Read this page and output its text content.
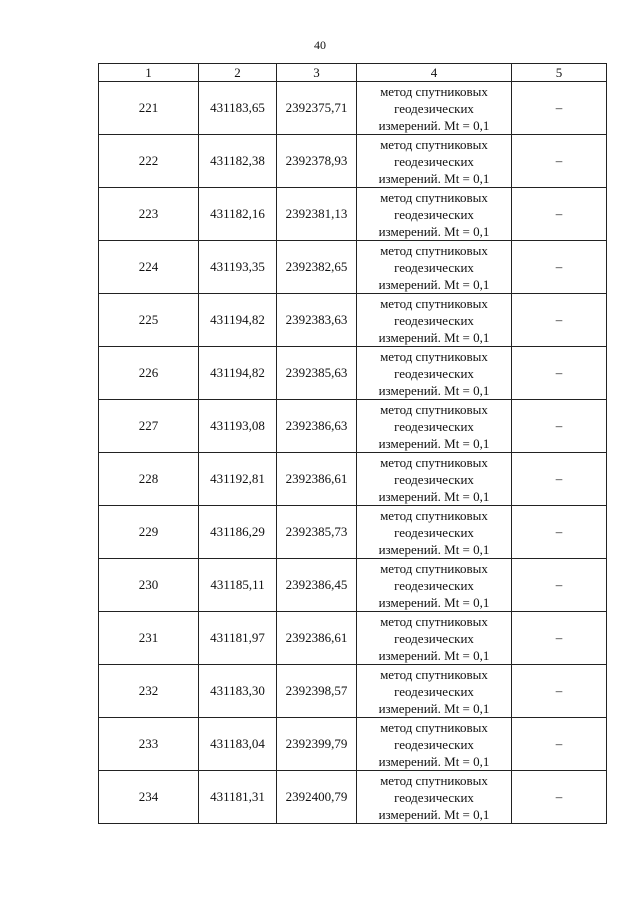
40
1	2	3	4	5
221	431183,65	2392375,71	метод спутниковых
геодезических
измерений. Mt = 0,1	–
222	431182,38	2392378,93	метод спутниковых
геодезических
измерений. Mt = 0,1	–
223	431182,16	2392381,13	метод спутниковых
геодезических
измерений. Mt = 0,1	–
224	431193,35	2392382,65	метод спутниковых
геодезических
измерений. Mt = 0,1	–
225	431194,82	2392383,63	метод спутниковых
геодезических
измерений. Mt = 0,1	–
226	431194,82	2392385,63	метод спутниковых
геодезических
измерений. Mt = 0,1	–
227	431193,08	2392386,63	метод спутниковых
геодезических
измерений. Mt = 0,1	–
228	431192,81	2392386,61	метод спутниковых
геодезических
измерений. Mt = 0,1	–
229	431186,29	2392385,73	метод спутниковых
геодезических
измерений. Mt = 0,1	–
230	431185,11	2392386,45	метод спутниковых
геодезических
измерений. Mt = 0,1	–
231	431181,97	2392386,61	метод спутниковых
геодезических
измерений. Mt = 0,1	–
232	431183,30	2392398,57	метод спутниковых
геодезических
измерений. Mt = 0,1	–
233	431183,04	2392399,79	метод спутниковых
геодезических
измерений. Mt = 0,1	–
234	431181,31	2392400,79	метод спутниковых
геодезических
измерений. Mt = 0,1	–
